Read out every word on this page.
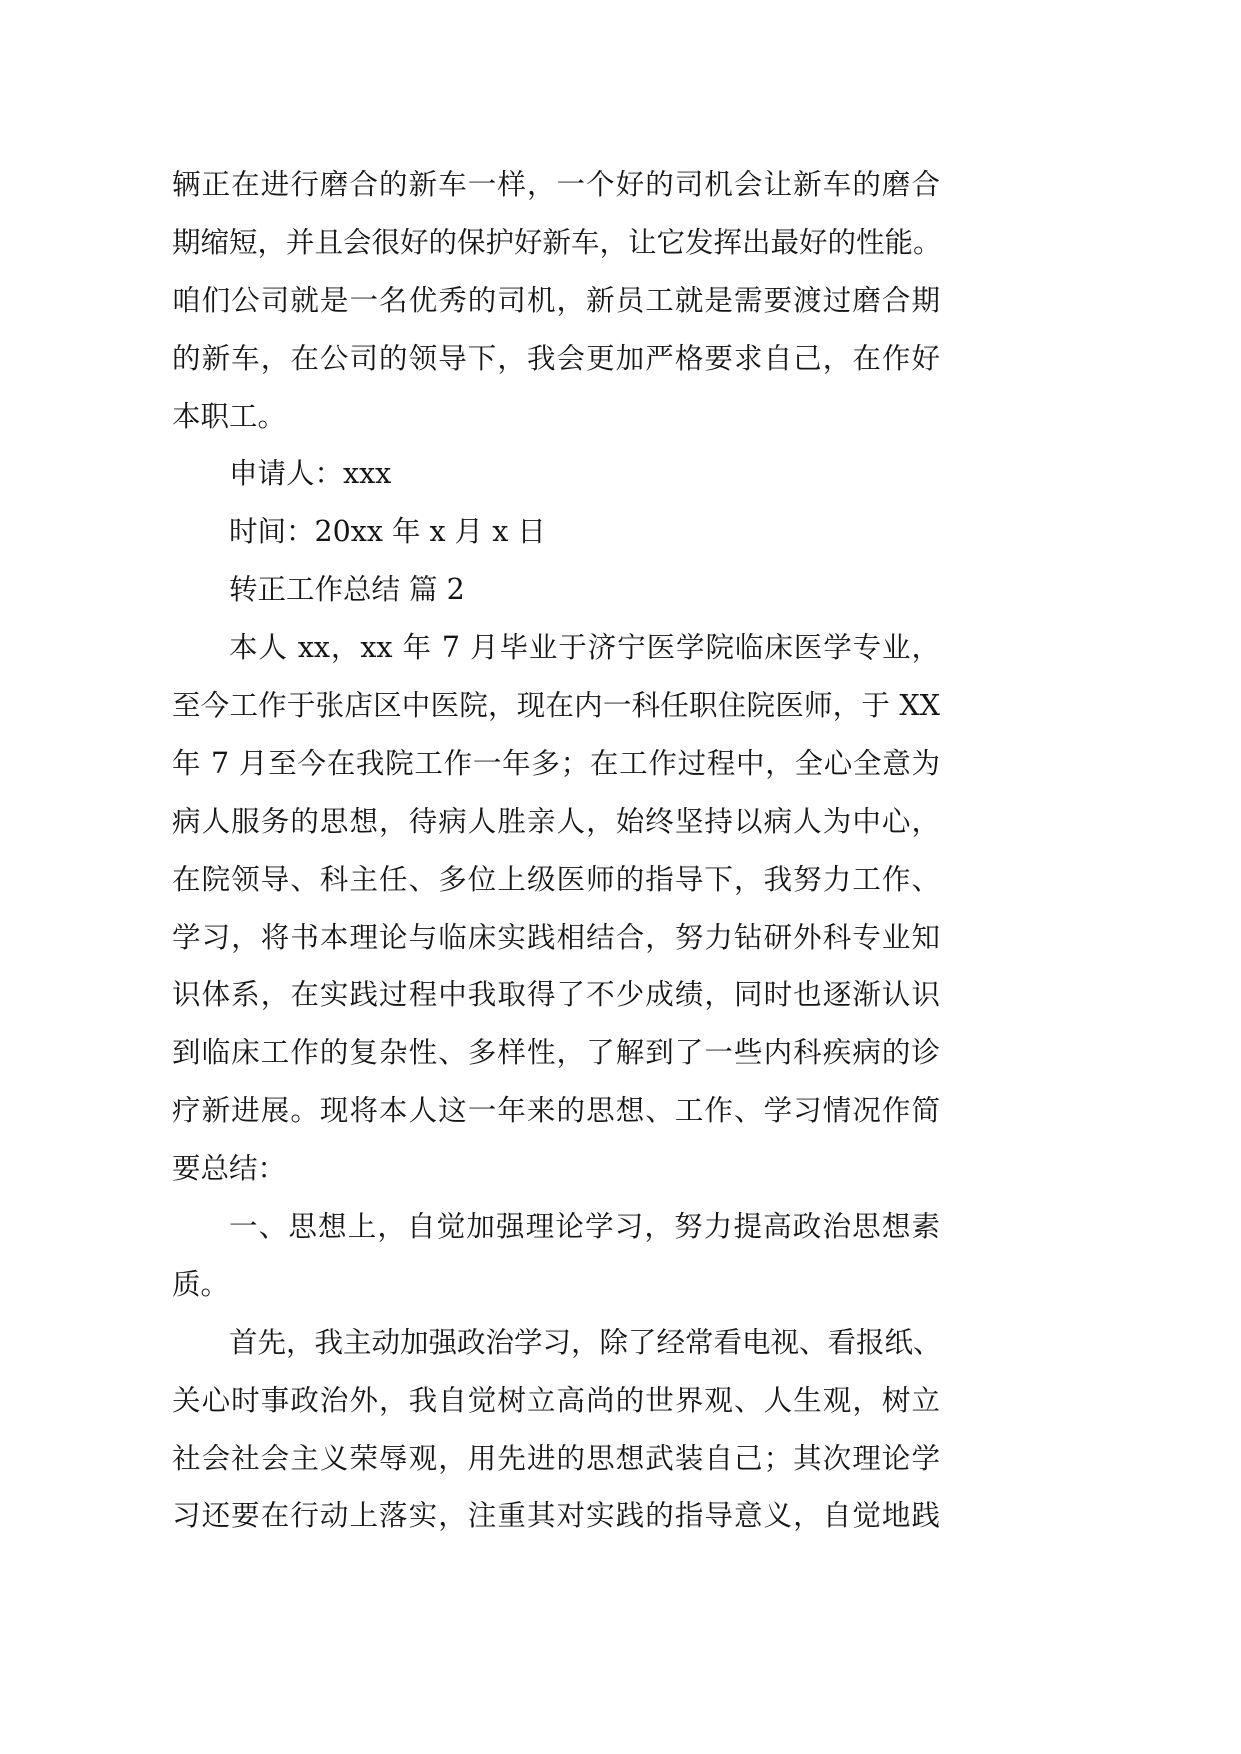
辆正在进行磨合的新车一样，一个好的司机会让新车的磨合
期缩短，并且会很好的保护好新车，让它发挥出最好的性能。
咱们公司就是一名优秀的司机，新员工就是需要渡过磨合期
的新车，在公司的领导下，我会更加严格要求自己，在作好
本职工。
申请人：xxx
时间：20xx 年 x 月 x 日
转正工作总结 篇 2
本人 xx，xx 年 7 月毕业于济宁医学院临床医学专业，
至今工作于张店区中医院，现在内一科任职住院医师，于 XX
年 7 月至今在我院工作一年多；在工作过程中，全心全意为
病人服务的思想，待病人胜亲人，始终坚持以病人为中心，
在院领导、科主任、多位上级医师的指导下，我努力工作、
学习，将书本理论与临床实践相结合，努力钻研外科专业知
识体系，在实践过程中我取得了不少成绩，同时也逐渐认识
到临床工作的复杂性、多样性，了解到了一些内科疾病的诊
疗新进展。现将本人这一年来的思想、工作、学习情况作简
要总结：
一、思想上，自觉加强理论学习，努力提高政治思想素
质。
首先，我主动加强政治学习，除了经常看电视、看报纸、
关心时事政治外，我自觉树立高尚的世界观、人生观，树立
社会社会主义荣辱观，用先进的思想武装自己；其次理论学
习还要在行动上落实，注重其对实践的指导意义，自觉地践
